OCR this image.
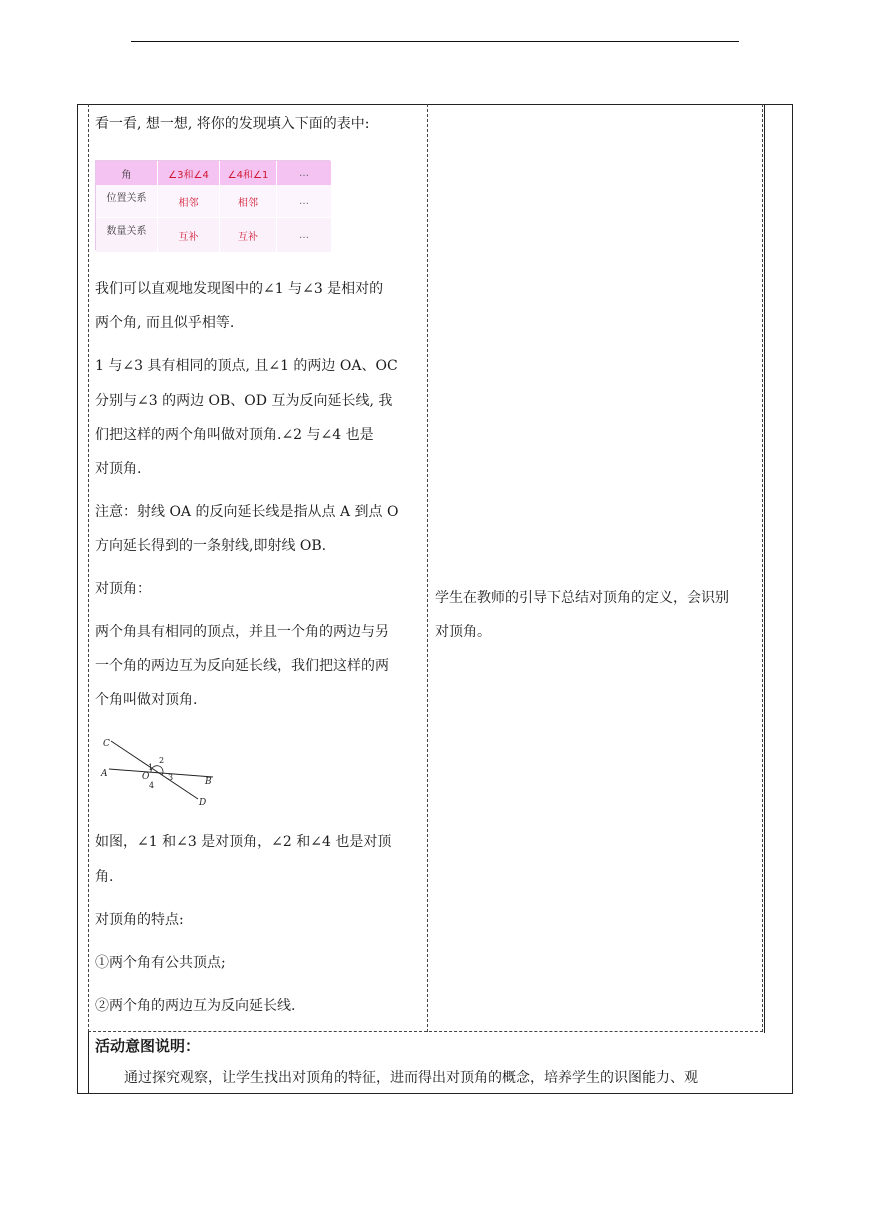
看一看, 想一想, 将你的发现填入下面的表中:
角	∠3和∠4	∠4和∠1	…
位置关系	相邻	相邻	…
数量关系	互补	互补	…
我们可以直观地发现图中的∠1 与∠3 是相对的
两个角, 而且似乎相等.
1 与∠3 具有相同的顶点, 且∠1 的两边 OA、OC
分别与∠3 的两边 OB、OD 互为反向延长线, 我
们把这样的两个角叫做对顶角.∠2 与∠4 也是
对顶角.
注意：射线 OA 的反向延长线是指从点 A 到点 O
方向延长得到的一条射线,即射线 OB.
对顶角：
两个角具有相同的顶点，并且一个角的两边与另
一个角的两边互为反向延长线，我们把这样的两
个角叫做对顶角.
C
A	O	B
D
1
2
3
4
如图，∠1 和∠3 是对顶角，∠2 和∠4 也是对顶
角.
对顶角的特点:
①两个角有公共顶点;
②两个角的两边互为反向延长线.
学生在教师的引导下总结对顶角的定义，会识别
对顶角。
活动意图说明：
通过探究观察，让学生找出对顶角的特征，进而得出对顶角的概念，培养学生的识图能力、观
